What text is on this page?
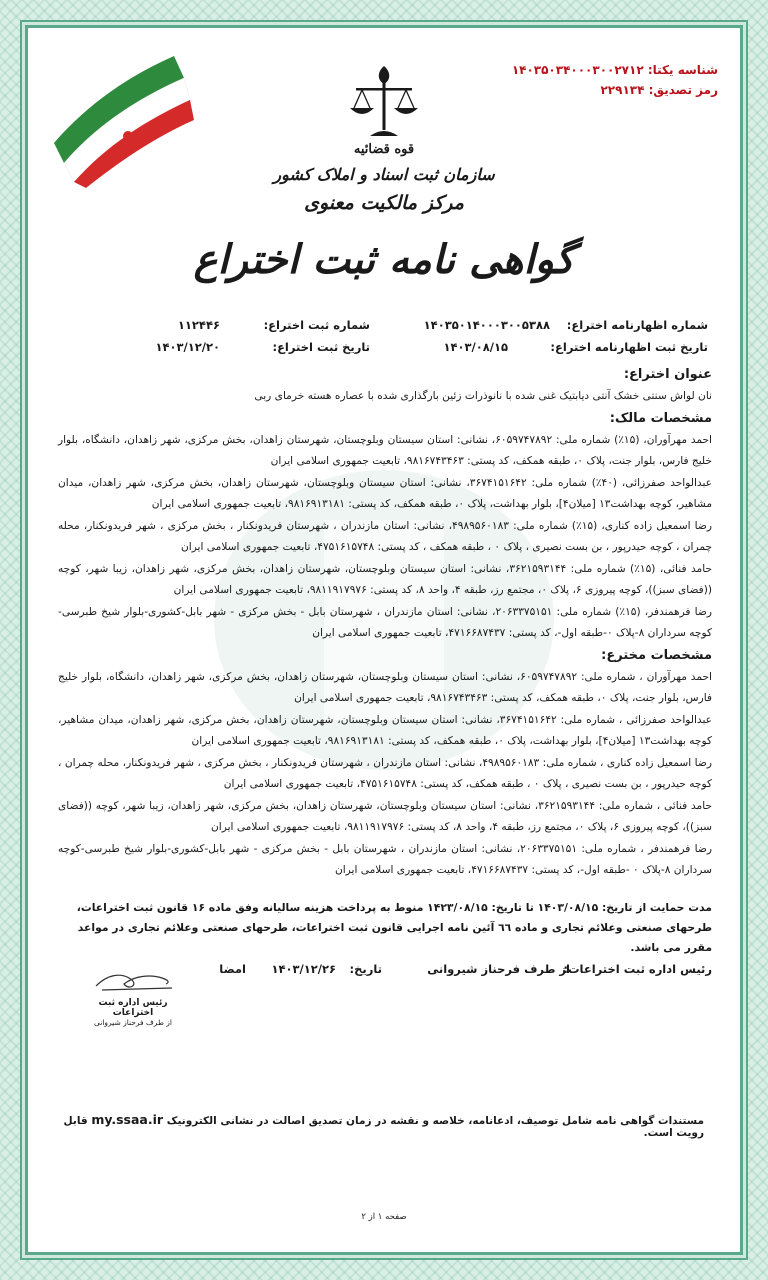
شناسه یکتا: ۱۴۰۳۵۰۳۴۰۰۰۳۰۰۲۷۱۲
رمز تصدیق: ۲۲۹۱۳۴
قوه قضائیه
سازمان ثبت اسناد و املاک کشور
مرکز مالکیت معنوی
گواهی نامه ثبت اختراع
شماره اظهارنامه اختراع:
۱۴۰۳۵۰۱۴۰۰۰۳۰۰۵۳۸۸
شماره ثبت اختراع:
۱۱۲۴۴۶
تاریخ ثبت اظهارنامه اختراع:
۱۴۰۳/۰۸/۱۵
تاریخ ثبت اختراع:
۱۴۰۳/۱۲/۲۰
عنوان اختراع:

نان لواش سنتی خشک آنتی دیابتیک غنی شده با نانوذرات زئین بارگذاری شده با عصاره هسته خرمای ربی

مشخصات مالک:

احمد مهرآوران، (۱۵٪) شماره ملی: ۶۰۵۹۷۴۷۸۹۲، نشانی: استان سیستان وبلوچستان، شهرستان زاهدان، بخش مرکزی، شهر زاهدان، دانشگاه، بلوار خلیج فارس، بلوار جنت، پلاک ۰، طبقه همکف، کد پستی: ۹۸۱۶۷۴۳۴۶۳، تابعیت جمهوری اسلامی ایران

عبدالواحد صفرزائی، (۴۰٪) شماره ملی: ۳۶۷۴۱۵۱۶۴۲، نشانی: استان سیستان وبلوچستان، شهرستان زاهدان، بخش مرکزی، شهر زاهدان، میدان مشاهیر، کوچه بهداشت۱۳ [میلان۴]، بلوار بهداشت، پلاک ۰، طبقه همکف، کد پستی: ۹۸۱۶۹۱۳۱۸۱، تابعیت جمهوری اسلامی ایران

رضا اسمعیل زاده کناری، (۱۵٪) شماره ملی: ۴۹۸۹۵۶۰۱۸۳، نشانی: استان مازندران ، شهرستان فریدونکنار ، بخش مرکزی ، شهر فریدونکنار، محله چمران ، کوچه حیدرپور ، بن بست نصیری ، پلاک ۰ ، طبقه همکف ، کد پستی: ۴۷۵۱۶۱۵۷۴۸، تابعیت جمهوری اسلامی ایران

حامد فنائی، (۱۵٪) شماره ملی: ۳۶۲۱۵۹۳۱۴۴، نشانی: استان سیستان وبلوچستان، شهرستان زاهدان، بخش مرکزی، شهر زاهدان، زیبا شهر، کوچه ((فضای سبز))، کوچه پیروزی ۶، پلاک ۰، مجتمع رز، طبقه ۴، واحد ۸، کد پستی: ۹۸۱۱۹۱۷۹۷۶، تابعیت جمهوری اسلامی ایران

رضا فرهمندفر، (۱۵٪) شماره ملی: ۲۰۶۳۳۷۵۱۵۱، نشانی: استان مازندران ، شهرستان بابل - بخش مرکزی - شهر بابل-کشوری-بلوار شیخ طبرسی-کوچه سرداران ۸-پلاک ۰-طبقه اول-، کد پستی: ۴۷۱۶۶۸۷۴۳۷، تابعیت جمهوری اسلامی ایران

مشخصات مخترع:

احمد مهرآوران ، شماره ملی: ۶۰۵۹۷۴۷۸۹۲، نشانی: استان سیستان وبلوچستان، شهرستان زاهدان، بخش مرکزی، شهر زاهدان، دانشگاه، بلوار خلیج فارس، بلوار جنت، پلاک ۰، طبقه همکف، کد پستی: ۹۸۱۶۷۴۳۴۶۳، تابعیت جمهوری اسلامی ایران

عبدالواحد صفرزائی ، شماره ملی: ۳۶۷۴۱۵۱۶۴۲، نشانی: استان سیستان وبلوچستان، شهرستان زاهدان، بخش مرکزی، شهر زاهدان، میدان مشاهیر، کوچه بهداشت۱۳ [میلان۴]، بلوار بهداشت، پلاک ۰، طبقه همکف، کد پستی: ۹۸۱۶۹۱۳۱۸۱، تابعیت جمهوری اسلامی ایران

رضا اسمعیل زاده کناری ، شماره ملی: ۴۹۸۹۵۶۰۱۸۳، نشانی: استان مازندران ، شهرستان فریدونکنار ، بخش مرکزی ، شهر فریدونکنار، محله چمران ، کوچه حیدرپور ، بن بست نصیری ، پلاک ۰ ، طبقه همکف، کد پستی: ۴۷۵۱۶۱۵۷۴۸، تابعیت جمهوری اسلامی ایران

حامد فنائی ، شماره ملی: ۳۶۲۱۵۹۳۱۴۴، نشانی: استان سیستان وبلوچستان، شهرستان زاهدان، بخش مرکزی، شهر زاهدان، زیبا شهر، کوچه ((فضای سبز))، کوچه پیروزی ۶، پلاک ۰، مجتمع رز، طبقه ۴، واحد ۸، کد پستی: ۹۸۱۱۹۱۷۹۷۶، تابعیت جمهوری اسلامی ایران

رضا فرهمندفر ، شماره ملی: ۲۰۶۳۳۷۵۱۵۱، نشانی: استان مازندران ، شهرستان بابل - بخش مرکزی - شهر بابل-کشوری-بلوار شیخ طبرسی-کوچه سرداران ۸-پلاک ۰ -طبقه اول-، کد پستی: ۴۷۱۶۶۸۷۴۳۷، تابعیت جمهوری اسلامی ایران

مدت حمایت از تاریخ: ۱۴۰۳/۰۸/۱۵ تا تاریخ: ۱۴۲۳/۰۸/۱۵ منوط به پرداخت هزینه سالیانه وفق ماده ۱۶ قانون ثبت اختراعات، طرحهای صنعتی وعلائم تجاری و ماده ٦٦ آئین نامه اجرایی قانون ثبت اختراعات، طرحهای صنعتی وعلائم تجاری در مواعد مقرر می باشد.
رئیس اداره ثبت اختراعات:
از طرف فرحناز شیروانی
تاریخ:
۱۴۰۳/۱۲/۲۶
امضا
رئیس اداره ثبت اختراعات
از طرف فرحناز شیروانی
مستندات گواهی نامه شامل توصیف، ادعانامه، خلاصه و نقشه در زمان تصدیق اصالت در نشانی الکترونیک my.ssaa.ir قابل رویت است.
صفحه ۱ از ۲
